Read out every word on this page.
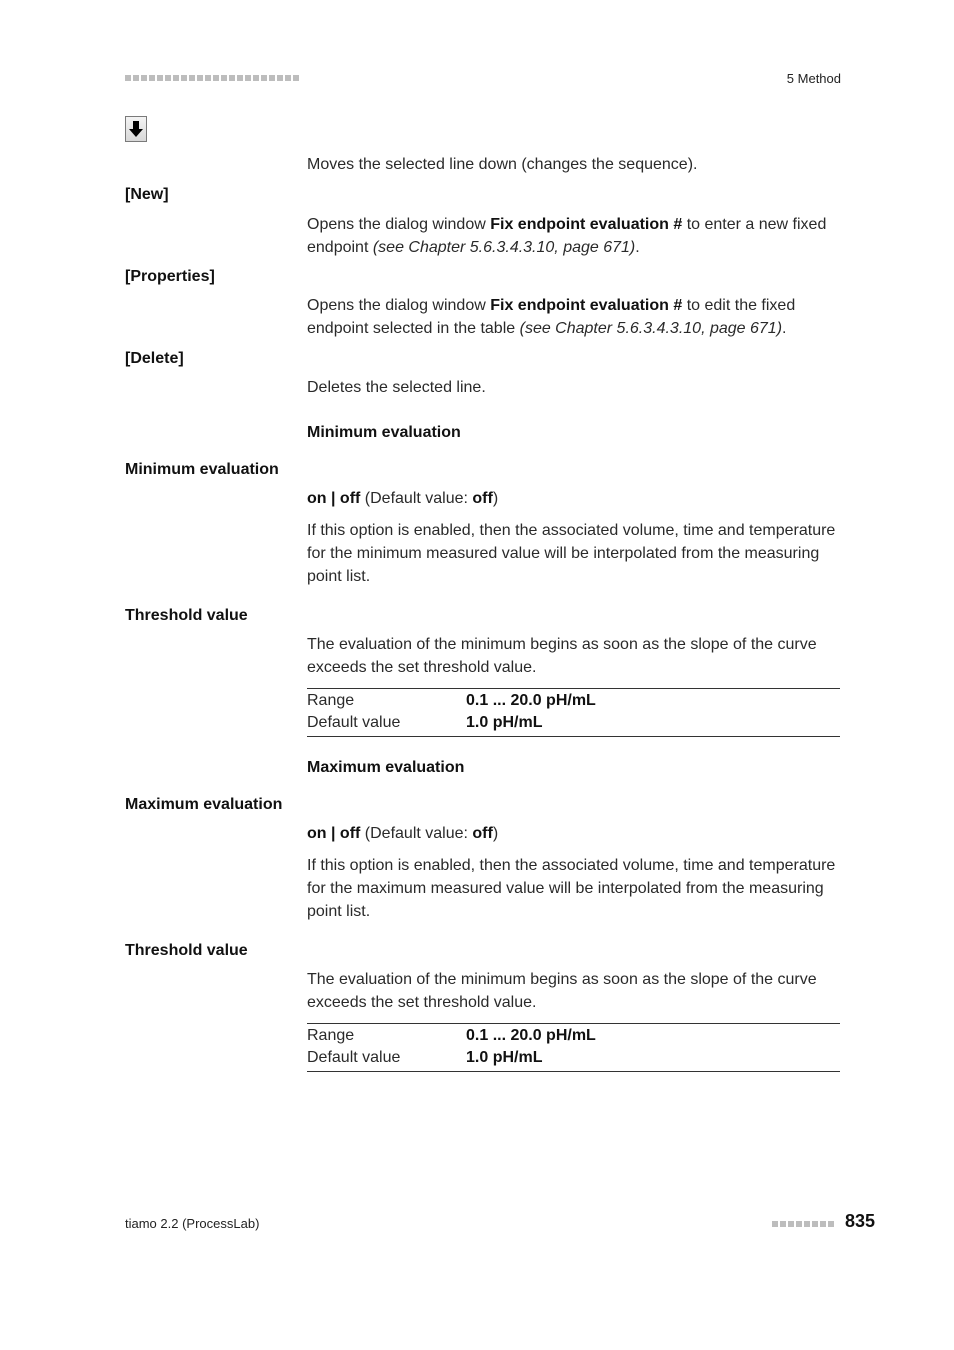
5 Method
Moves the selected line down (changes the sequence).
[New]
Opens the dialog window Fix endpoint evaluation # to enter a new fixed endpoint (see Chapter 5.6.3.4.3.10, page 671).
[Properties]
Opens the dialog window Fix endpoint evaluation # to edit the fixed endpoint selected in the table (see Chapter 5.6.3.4.3.10, page 671).
[Delete]
Deletes the selected line.
Minimum evaluation
Minimum evaluation
on | off (Default value: off)
If this option is enabled, then the associated volume, time and temperature for the minimum measured value will be interpolated from the measuring point list.
Threshold value
The evaluation of the minimum begins as soon as the slope of the curve exceeds the set threshold value.
Range	0.1 ... 20.0 pH/mL
Default value	1.0 pH/mL
Maximum evaluation
Maximum evaluation
on | off (Default value: off)
If this option is enabled, then the associated volume, time and temperature for the maximum measured value will be interpolated from the measuring point list.
Threshold value
The evaluation of the minimum begins as soon as the slope of the curve exceeds the set threshold value.
Range	0.1 ... 20.0 pH/mL
Default value	1.0 pH/mL
tiamo 2.2 (ProcessLab)	835
